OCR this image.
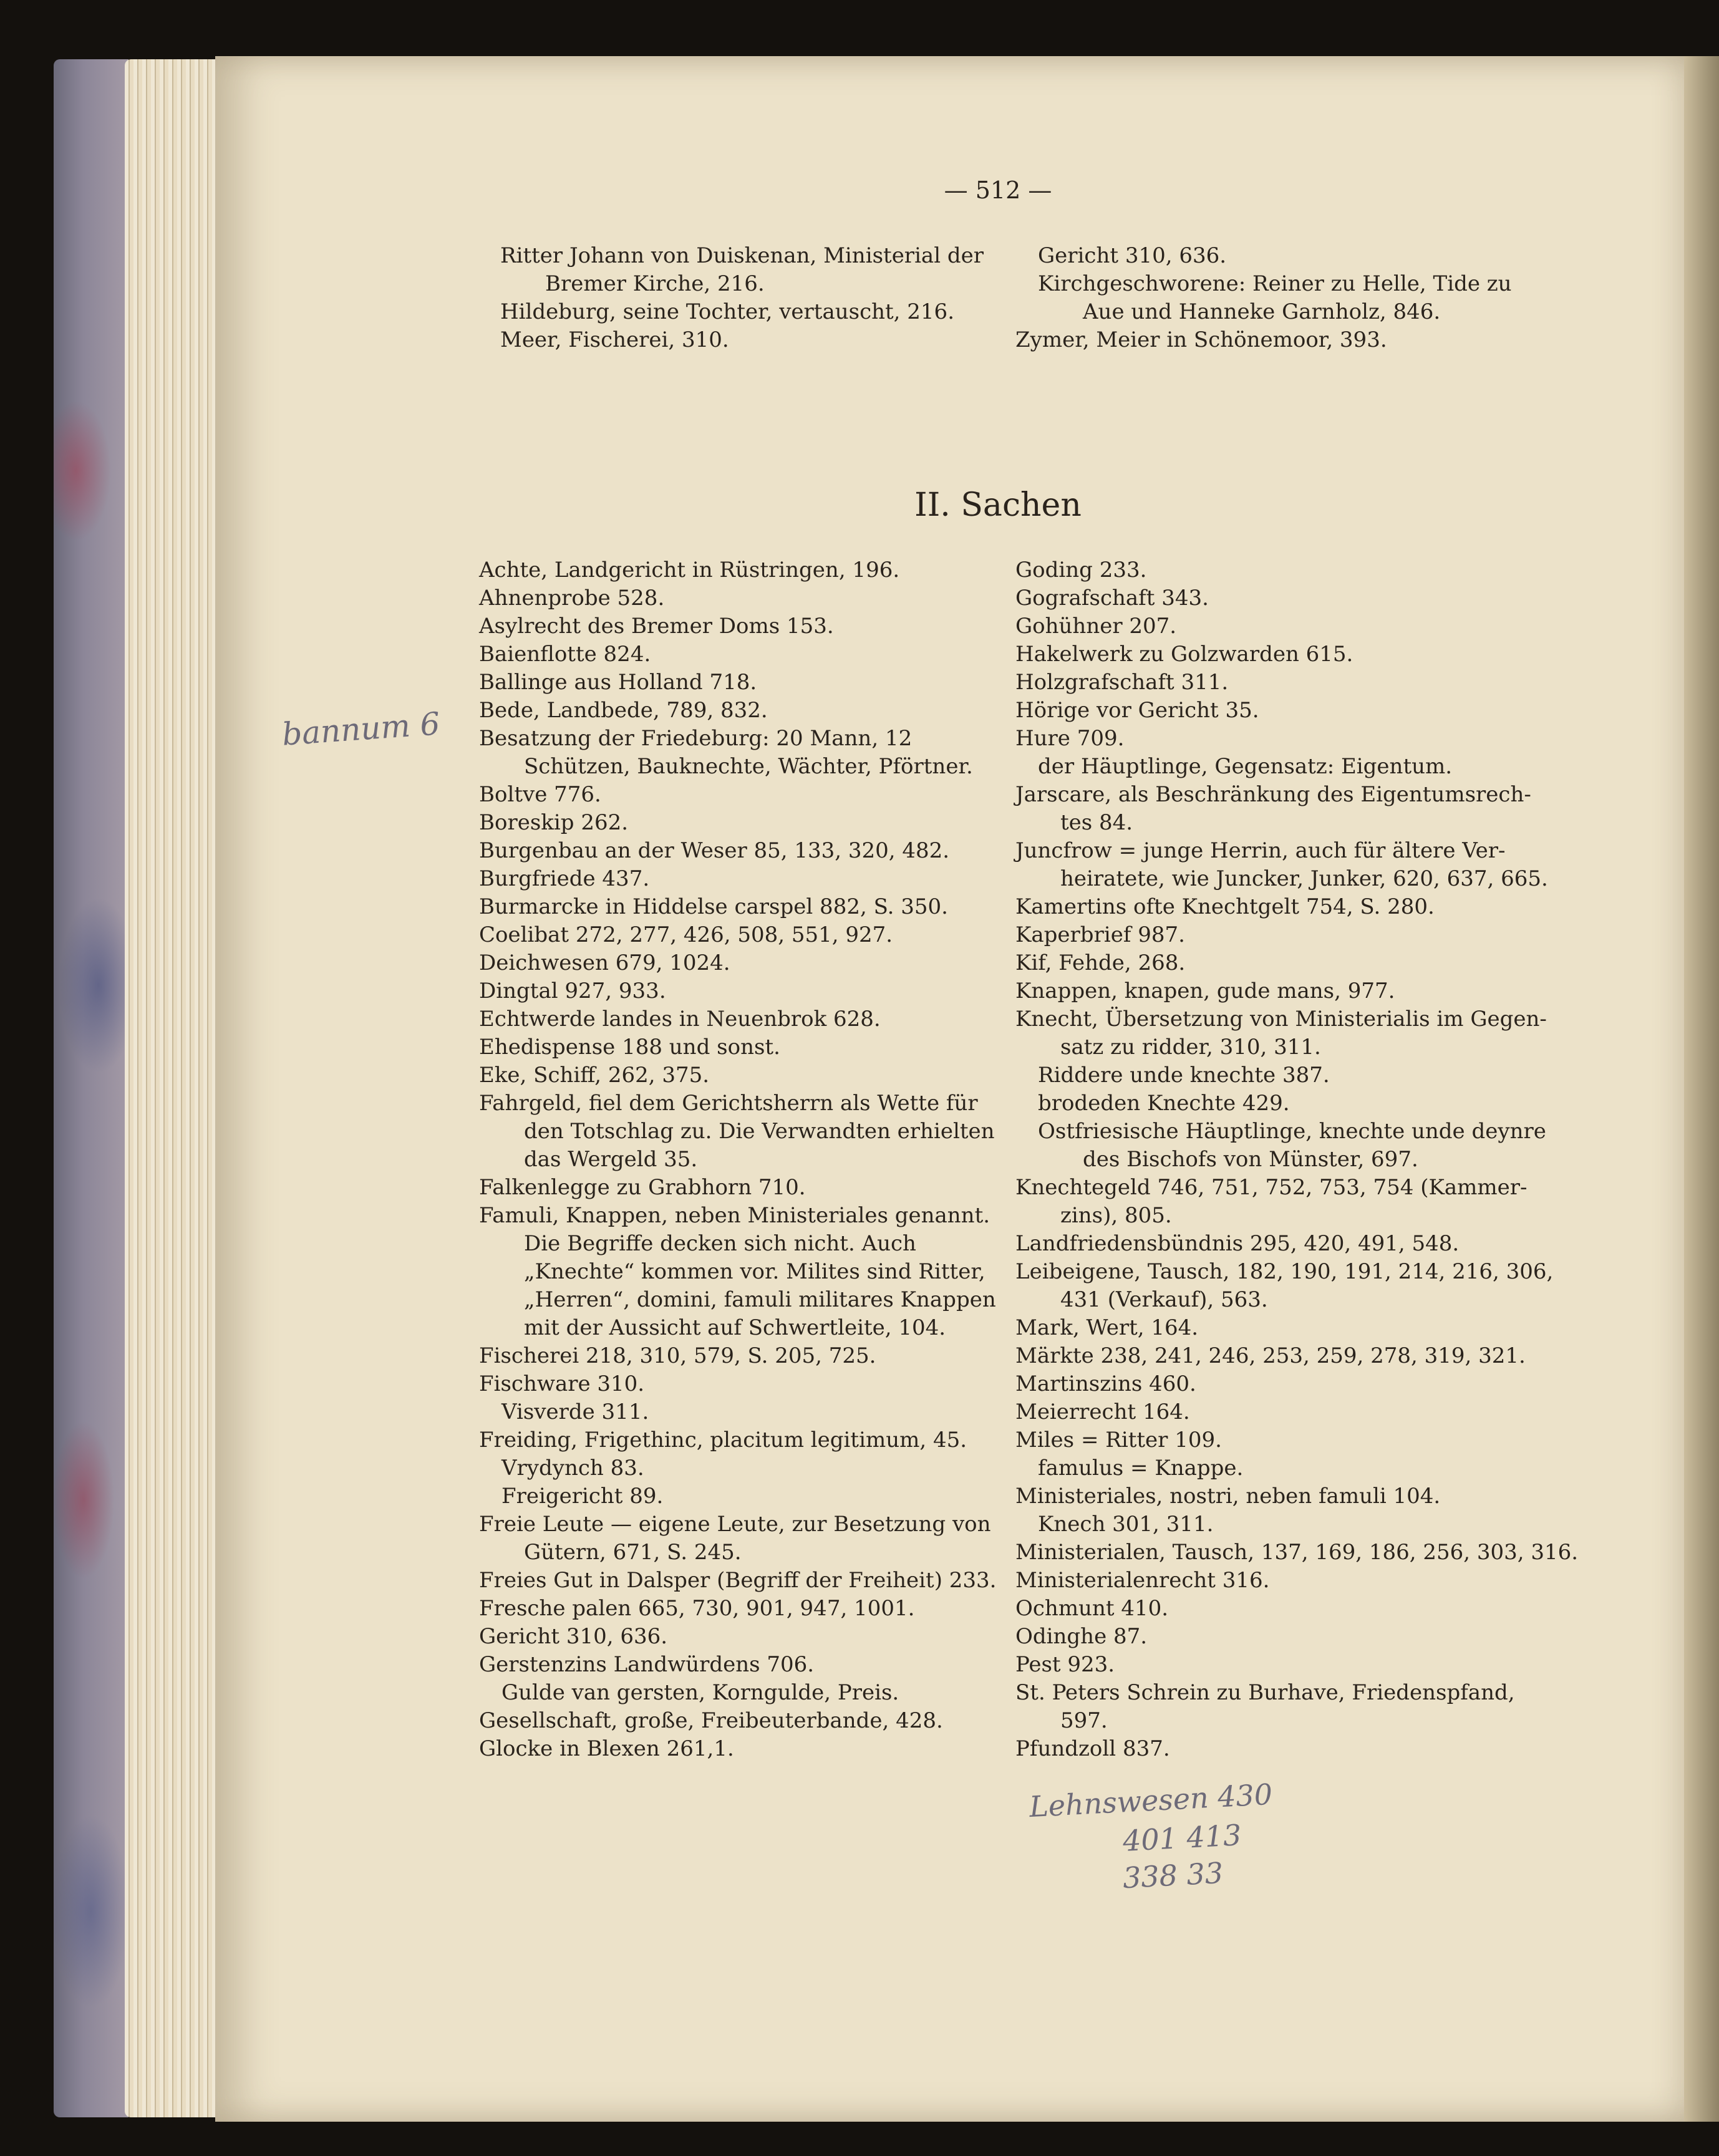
— 512 —
Ritter Johann von Duiskenan, Ministerial der
Bremer Kirche, 216.
Hildeburg, seine Tochter, vertauscht, 216.
Meer, Fischerei, 310.
Gericht 310, 636.
Kirchgeschworene: Reiner zu Helle, Tide zu
Aue und Hanneke Garnholz, 846.
Zymer, Meier in Schönemoor, 393.
II. Sachen
Achte, Landgericht in Rüstringen, 196.
Ahnenprobe 528.
Asylrecht des Bremer Doms 153.
Baienflotte 824.
Ballinge aus Holland 718.
Bede, Landbede, 789, 832.
Besatzung der Friedeburg: 20 Mann, 12
Schützen, Bauknechte, Wächter, Pförtner.
Boltve 776.
Boreskip 262.
Burgenbau an der Weser 85, 133, 320, 482.
Burgfriede 437.
Burmarcke in Hiddelse carspel 882, S. 350.
Coelibat 272, 277, 426, 508, 551, 927.
Deichwesen 679, 1024.
Dingtal 927, 933.
Echtwerde landes in Neuenbrok 628.
Ehedispense 188 und sonst.
Eke, Schiff, 262, 375.
Fahrgeld, fiel dem Gerichtsherrn als Wette für
den Totschlag zu. Die Verwandten erhielten
das Wergeld 35.
Falkenlegge zu Grabhorn 710.
Famuli, Knappen, neben Ministeriales genannt.
Die Begriffe decken sich nicht. Auch
„Knechte“ kommen vor. Milites sind Ritter,
„Herren“, domini, famuli militares Knappen
mit der Aussicht auf Schwertleite, 104.
Fischerei 218, 310, 579, S. 205, 725.
Fischware 310.
Visverde 311.
Freiding, Frigethinc, placitum legitimum, 45.
Vrydynch 83.
Freigericht 89.
Freie Leute — eigene Leute, zur Besetzung von
Gütern, 671, S. 245.
Freies Gut in Dalsper (Begriff der Freiheit) 233.
Fresche palen 665, 730, 901, 947, 1001.
Gericht 310, 636.
Gerstenzins Landwürdens 706.
Gulde van gersten, Korngulde, Preis.
Gesellschaft, große, Freibeuterbande, 428.
Glocke in Blexen 261,1.
Goding 233.
Gografschaft 343.
Gohühner 207.
Hakelwerk zu Golzwarden 615.
Holzgrafschaft 311.
Hörige vor Gericht 35.
Hure 709.
der Häuptlinge, Gegensatz: Eigentum.
Jarscare, als Beschränkung des Eigentumsrech-
tes 84.
Juncfrow = junge Herrin, auch für ältere Ver-
heiratete, wie Juncker, Junker, 620, 637, 665.
Kamertins ofte Knechtgelt 754, S. 280.
Kaperbrief 987.
Kif, Fehde, 268.
Knappen, knapen, gude mans, 977.
Knecht, Übersetzung von Ministerialis im Gegen-
satz zu ridder, 310, 311.
Riddere unde knechte 387.
brodeden Knechte 429.
Ostfriesische Häuptlinge, knechte unde deynre
des Bischofs von Münster, 697.
Knechtegeld 746, 751, 752, 753, 754 (Kammer-
zins), 805.
Landfriedensbündnis 295, 420, 491, 548.
Leibeigene, Tausch, 182, 190, 191, 214, 216, 306,
431 (Verkauf), 563.
Mark, Wert, 164.
Märkte 238, 241, 246, 253, 259, 278, 319, 321.
Martinszins 460.
Meierrecht 164.
Miles = Ritter 109.
famulus = Knappe.
Ministeriales, nostri, neben famuli 104.
Knech 301, 311.
Ministerialen, Tausch, 137, 169, 186, 256, 303, 316.
Ministerialenrecht 316.
Ochmunt 410.
Odinghe 87.
Pest 923.
St. Peters Schrein zu Burhave, Friedenspfand,
597.
Pfundzoll 837.
bannum 6
Lehnswesen 430
401 413
338 33
